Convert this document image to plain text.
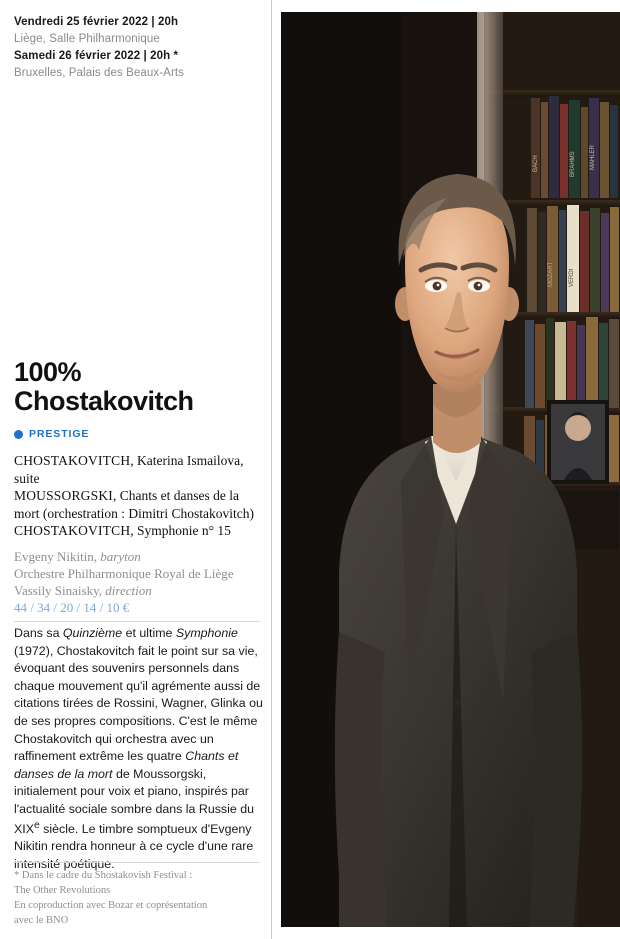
Vendredi 25 février 2022 | 20h
Liège, Salle Philharmonique
Samedi 26 février 2022 | 20h *
Bruxelles, Palais des Beaux-Arts
100%
Chostakovitch
PRESTIGE
CHOSTAKOVITCH, Katerina Ismailova, suite
MOUSSORGSKI, Chants et danses de la mort (orchestration : Dimitri Chostakovitch)
CHOSTAKOVITCH, Symphonie n° 15
Evgeny Nikitin, baryton
Orchestre Philharmonique Royal de Liège
Vassily Sinaisky, direction
44 / 34 / 20 / 14 / 10 €
Dans sa Quinzième et ultime Symphonie (1972), Chostakovitch fait le point sur sa vie, évoquant des souvenirs personnels dans chaque mouvement qu'il agrémente aussi de citations tirées de Rossini, Wagner, Glinka ou de ses propres compositions. C'est le même Chostakovitch qui orchestra avec un raffinement extrême les quatre Chants et danses de la mort de Moussorgski, initialement pour voix et piano, inspirés par l'actualité sociale sombre dans la Russie du XIXe siècle. Le timbre somptueux d'Evgeny Nikitin rendra honneur à ce cycle d'une rare intensité poétique.
* Dans le cadre du Shostakovish Festival :
The Other Revolutions
En coproduction avec Bozar et coprésentation
avec le BNO
BACH	BRAHMS MAHLER
MOZART	VERDI
